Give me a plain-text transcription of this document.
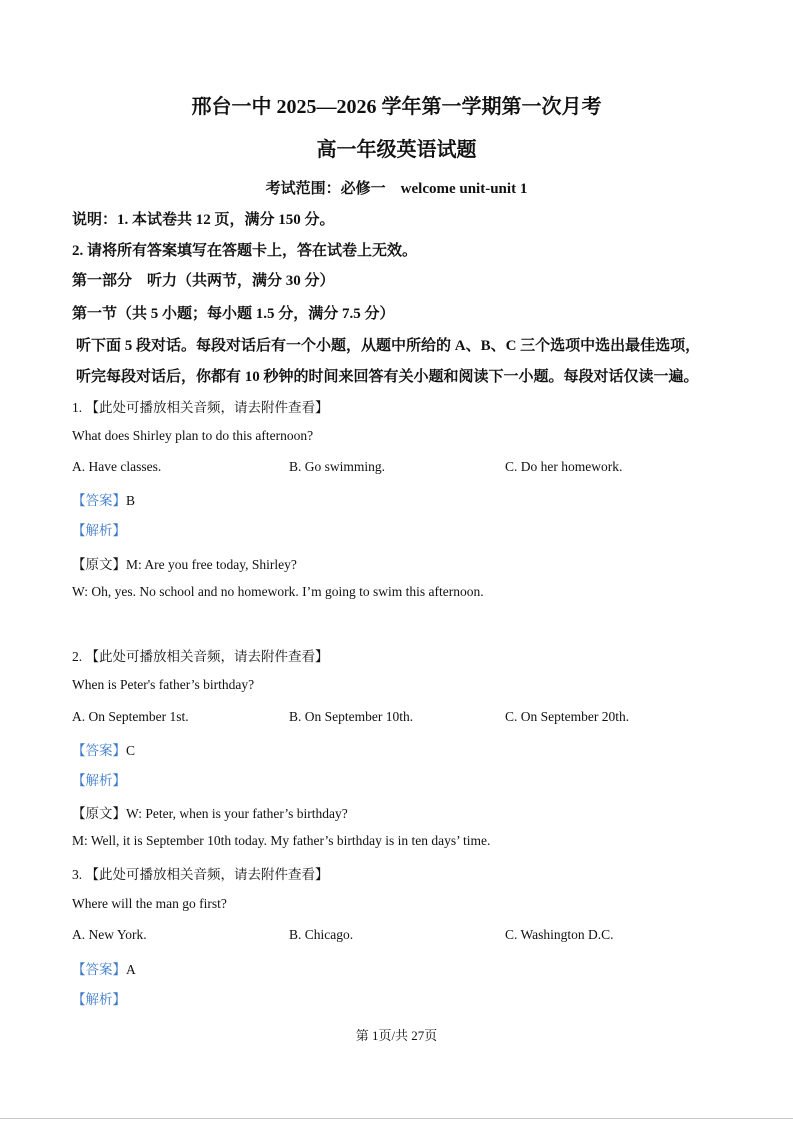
邢台一中 2025—2026 学年第一学期第一次月考
高一年级英语试题
考试范围：必修一　welcome unit-unit 1
说明：1. 本试卷共 12 页，满分 150 分。
2. 请将所有答案填写在答题卡上，答在试卷上无效。
第一部分　听力（共两节，满分 30 分）
第一节（共 5 小题；每小题 1.5 分，满分 7.5 分）
听下面 5 段对话。每段对话后有一个小题，从题中所给的 A、B、C 三个选项中选出最佳选项，
听完每段对话后，你都有 10 秒钟的时间来回答有关小题和阅读下一小题。每段对话仅读一遍。
1. 【此处可播放相关音频，请去附件查看】
What does Shirley plan to do this afternoon?
A. Have classes.	B. Go swimming.	C. Do her homework.
【答案】B
【解析】
【原文】M: Are you free today, Shirley?
W: Oh, yes. No school and no homework. I’m going to swim this afternoon.
2. 【此处可播放相关音频，请去附件查看】
When is Peter's father’s birthday?
A. On September 1st.	B. On September 10th.	C. On September 20th.
【答案】C
【解析】
【原文】W: Peter, when is your father’s birthday?
M: Well, it is September 10th today. My father’s birthday is in ten days’ time.
3. 【此处可播放相关音频，请去附件查看】
Where will the man go first?
A. New York.	B. Chicago.	C. Washington D.C.
【答案】A
【解析】
第 1页/共 27页
